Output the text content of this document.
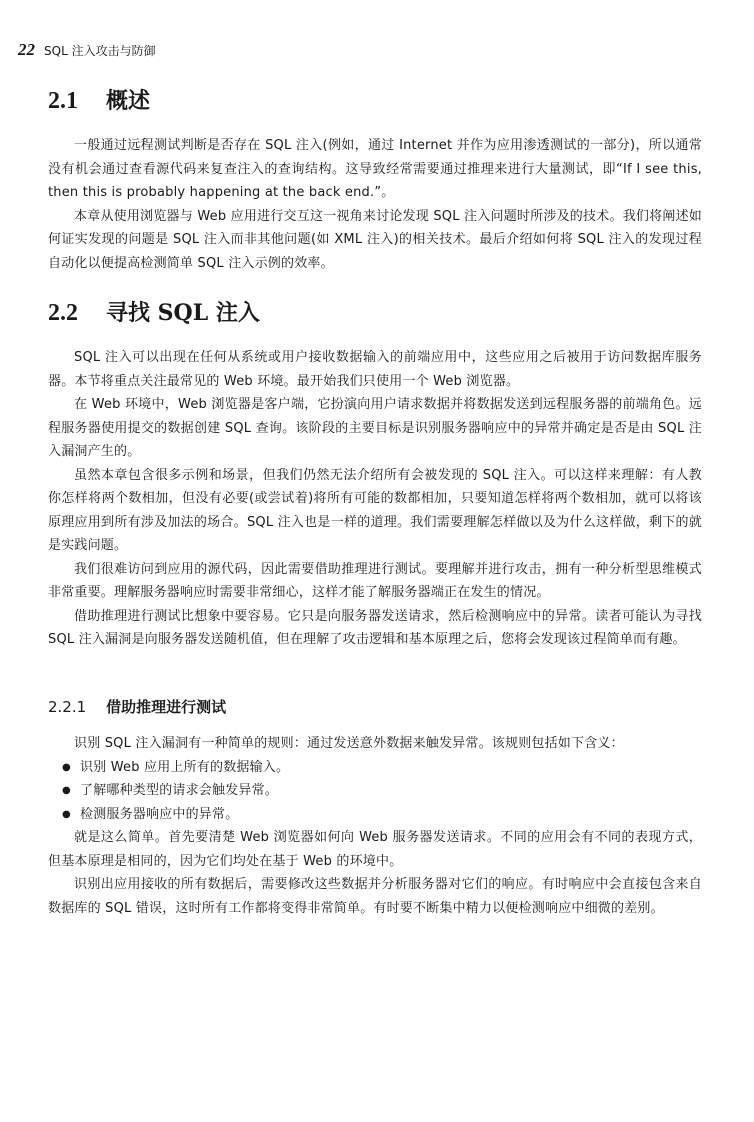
22 SQL 注入攻击与防御
2.1 概述

一般通过远程测试判断是否存在 SQL 注入(例如，通过 Internet 并作为应用渗透测试的一部分)，所以通常没有机会通过查看源代码来复查注入的查询结构。这导致经常需要通过推理来进行大量测试，即“If I see this, then this is probably happening at the back end.”。

本章从使用浏览器与 Web 应用进行交互这一视角来讨论发现 SQL 注入问题时所涉及的技术。我们将阐述如何证实发现的问题是 SQL 注入而非其他问题(如 XML 注入)的相关技术。最后介绍如何将 SQL 注入的发现过程自动化以便提高检测简单 SQL 注入示例的效率。

2.2 寻找 SQL 注入

SQL 注入可以出现在任何从系统或用户接收数据输入的前端应用中，这些应用之后被用于访问数据库服务器。本节将重点关注最常见的 Web 环境。最开始我们只使用一个 Web 浏览器。

在 Web 环境中，Web 浏览器是客户端，它扮演向用户请求数据并将数据发送到远程服务器的前端角色。远程服务器使用提交的数据创建 SQL 查询。该阶段的主要目标是识别服务器响应中的异常并确定是否是由 SQL 注入漏洞产生的。

虽然本章包含很多示例和场景，但我们仍然无法介绍所有会被发现的 SQL 注入。可以这样来理解：有人教你怎样将两个数相加，但没有必要(或尝试着)将所有可能的数都相加，只要知道怎样将两个数相加，就可以将该原理应用到所有涉及加法的场合。SQL 注入也是一样的道理。我们需要理解怎样做以及为什么这样做，剩下的就是实践问题。

我们很难访问到应用的源代码，因此需要借助推理进行测试。要理解并进行攻击，拥有一种分析型思维模式非常重要。理解服务器响应时需要非常细心，这样才能了解服务器端正在发生的情况。

借助推理进行测试比想象中要容易。它只是向服务器发送请求，然后检测响应中的异常。读者可能认为寻找 SQL 注入漏洞是向服务器发送随机值，但在理解了攻击逻辑和基本原理之后，您将会发现该过程简单而有趣。

2.2.1 借助推理进行测试

识别 SQL 注入漏洞有一种简单的规则：通过发送意外数据来触发异常。该规则包括如下含义：

● 识别 Web 应用上所有的数据输入。
● 了解哪种类型的请求会触发异常。
● 检测服务器响应中的异常。

就是这么简单。首先要清楚 Web 浏览器如何向 Web 服务器发送请求。不同的应用会有不同的表现方式，但基本原理是相同的，因为它们均处在基于 Web 的环境中。

识别出应用接收的所有数据后，需要修改这些数据并分析服务器对它们的响应。有时响应中会直接包含来自数据库的 SQL 错误，这时所有工作都将变得非常简单。有时要不断集中精力以便检测响应中细微的差别。
